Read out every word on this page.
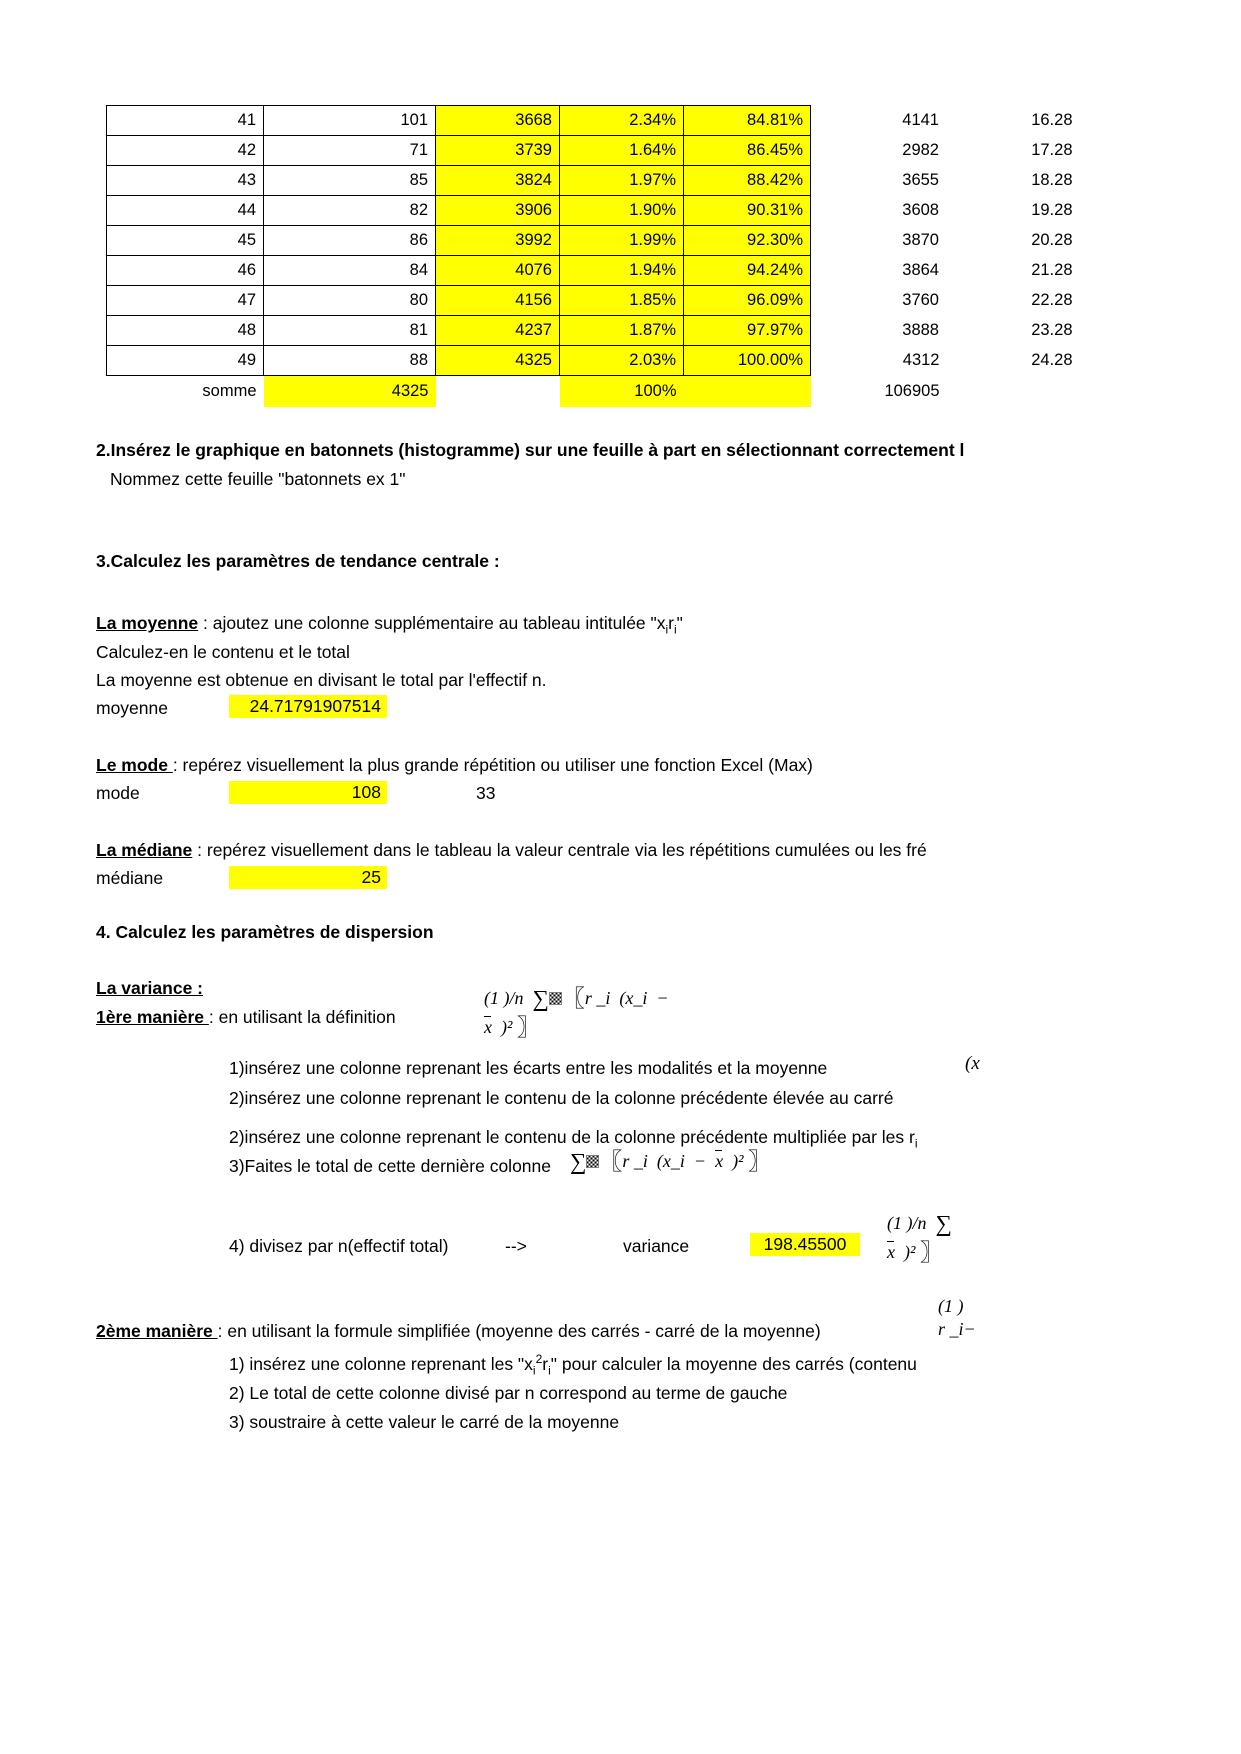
41	101	3668	2.34%	84.81%	4141	16.28
42	71	3739	1.64%	86.45%	2982	17.28
43	85	3824	1.97%	88.42%	3655	18.28
44	82	3906	1.90%	90.31%	3608	19.28
45	86	3992	1.99%	92.30%	3870	20.28
46	84	4076	1.94%	94.24%	3864	21.28
47	80	4156	1.85%	96.09%	3760	22.28
48	81	4237	1.87%	97.97%	3888	23.28
49	88	4325	2.03%	100.00%	4312	24.28
somme	4325		100%		106905	
2.Insérez le graphique en batonnets (histogramme) sur une feuille à part en sélectionnant correctement l
Nommez cette feuille "batonnets ex 1"
3.Calculez les paramètres de tendance centrale :
La moyenne : ajoutez une colonne supplémentaire au tableau intitulée "$x_ir_i$"
Calculez-en le contenu et le total
La moyenne est obtenue en divisant le total par l'effectif n.
moyenne	24.71791907514
Le mode : repérez visuellement la plus grande répétition ou utiliser une fonction Excel (Max)
mode	108	33
La médiane : repérez visuellement dans le tableau la valeur centrale via les répétitions cumulées ou les fré
médiane	25
4. Calculez les paramètres de dispersion
La variance :
1ère manière : en utilisant la définition
(1 )/n ∑ 〖r _i  (x_i  −
x  )² 〗
1)insérez une colonne reprenant les écarts entre les modalités et la moyenne	(x
2)insérez une colonne reprenant le contenu de la colonne précédente élevée au carré
2)insérez une colonne reprenant le contenu de la colonne précédente multipliée par les $r_i$
3)Faites le total de cette dernière colonne ∑ 〖r _i  (x_i  −  x  )² 〗
4) divisez par n(effectif total)	-->	variance	198.45500
(1 )/n ∑
x  )² 〗
2ème manière : en utilisant la formule simplifiée (moyenne des carrés - carré de la moyenne)
(1 )
r _i−
1) insérez une colonne reprenant les "$x_i^2r_i$" pour calculer la moyenne des carrés (contenu
2) Le total de cette colonne divisé par n correspond au terme de gauche
3) soustraire à cette valeur le carré de la moyenne
